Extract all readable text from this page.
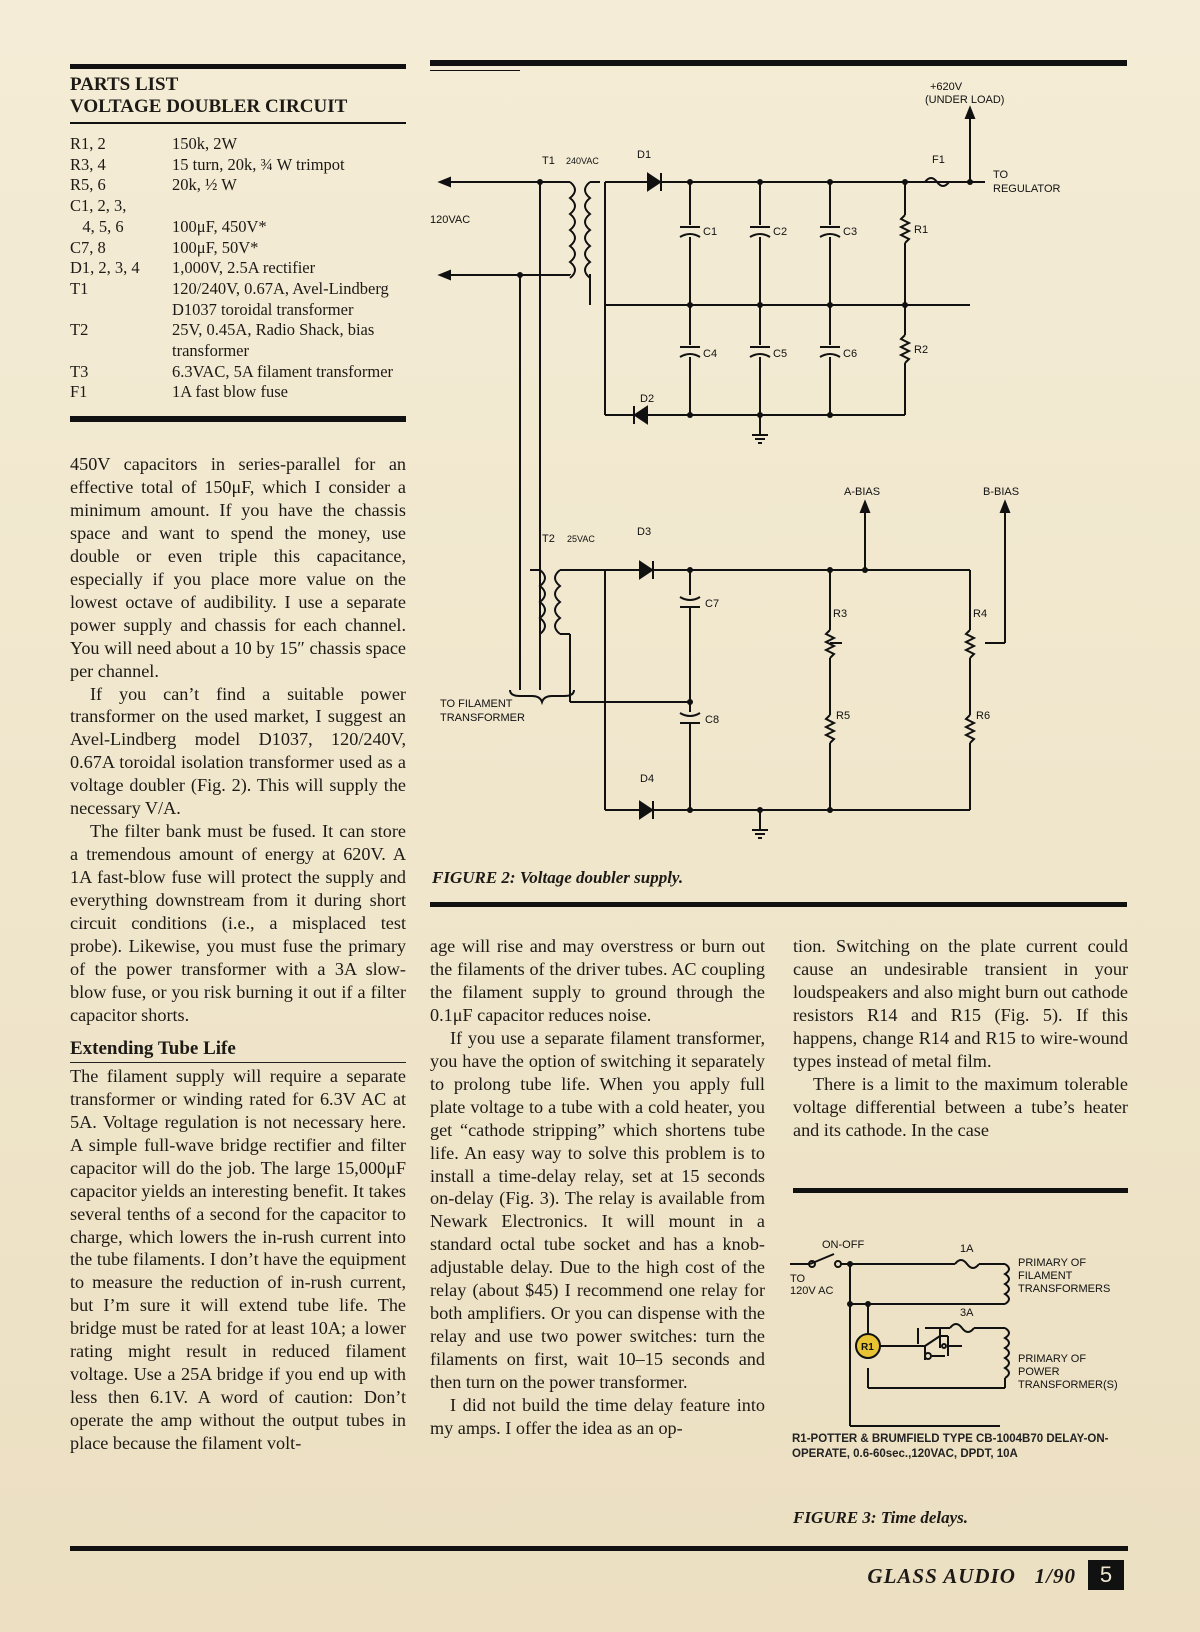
PARTS LIST
VOLTAGE DOUBLER CIRCUIT
R1, 2	150k, 2W
R3, 4	15 turn, 20k, ¾ W trimpot
R5, 6	20k, ½ W
C1, 2, 3,
4, 5, 6	100μF, 450V*
C7, 8	100μF, 50V*
D1, 2, 3, 4	1,000V, 2.5A rectifier
T1	120/240V, 0.67A, Avel-Lindberg D1037 toroidal transformer
T2	25V, 0.45A, Radio Shack, bias transformer
T3	6.3VAC, 5A filament transformer
F1	1A fast blow fuse

450V capacitors in series-parallel for an effective total of 150μF, which I consider a minimum amount. If you have the chassis space and want to spend the money, use double or even triple this capacitance, especially if you place more value on the lowest octave of audibility. I use a separate power supply and chassis for each channel. You will need about a 10 by 15″ chassis space per channel.

If you can’t find a suitable power transformer on the used market, I suggest an Avel-Lindberg model D1037, 120/240V, 0.67A toroidal isolation transformer used as a voltage doubler (Fig. 2). This will supply the necessary V/A.

The filter bank must be fused. It can store a tremendous amount of energy at 620V. A 1A fast-blow fuse will protect the supply and everything downstream from it during short circuit conditions (i.e., a misplaced test probe). Likewise, you must fuse the primary of the power transformer with a 3A slow-blow fuse, or you risk burning it out if a filter capacitor shorts.

Extending Tube Life

The filament supply will require a separate transformer or winding rated for 6.3V AC at 5A. Voltage regulation is not necessary here. A simple full-wave bridge rectifier and filter capacitor will do the job. The large 15,000μF capacitor yields an interesting benefit. It takes several tenths of a second for the capacitor to charge, which lowers the in-rush current into the tube filaments. I don’t have the equipment to measure the reduction of in-rush current, but I’m sure it will extend tube life. The bridge must be rated for at least 10A; a lower rating might result in reduced filament voltage. Use a 25A bridge if you end up with less then 6.1V. A word of caution: Don’t operate the amp without the output tubes in place because the filament volt-

+620V
(UNDER LOAD)
T1 240VAC	D1	F1
TO
REGULATOR
120VAC
C1	C2	C3	R1
C4	C5	C6	R2
D2
A-BIAS	B-BIAS
T2 25VAC
D3
C7
R3	R4
TO FILAMENT
TRANSFORMER	C8	R5	R6
D4
FIGURE 2: Voltage doubler supply.

age will rise and may overstress or burn out the filaments of the driver tubes. AC coupling the filament supply to ground through the 0.1μF capacitor reduces noise.

If you use a separate filament transformer, you have the option of switching it separately to prolong tube life. When you apply full plate voltage to a tube with a cold heater, you get “cathode stripping” which shortens tube life. An easy way to solve this problem is to install a time-delay relay, set at 15 seconds on-delay (Fig. 3). The relay is available from Newark Electronics. It will mount in a standard octal tube socket and has a knob-adjustable delay. Due to the high cost of the relay (about $45) I recommend one relay for both amplifiers. Or you can dispense with the relay and use two power switches: turn the filaments on first, wait 10–15 seconds and then turn on the power transformer.

I did not build the time delay feature into my amps. I offer the idea as an op-

tion. Switching on the plate current could cause an undesirable transient in your loudspeakers and also might burn out cathode resistors R14 and R15 (Fig. 5). If this happens, change R14 and R15 to wire-wound types instead of metal film.

There is a limit to the maximum tolerable voltage differential between a tube’s heater and its cathode. In the case

ON-OFF
TO
120V AC
1A
3A
R1
PRIMARY OF
FILAMENT
TRANSFORMERS
PRIMARY OF
POWER
TRANSFORMER(S)
R1-POTTER & BRUMFIELD TYPE CB-1004B70 DELAY-ON-OPERATE, 0.6-60sec.,120VAC, DPDT, 10A
FIGURE 3: Time delays.
GLASS AUDIO   1/90	5
